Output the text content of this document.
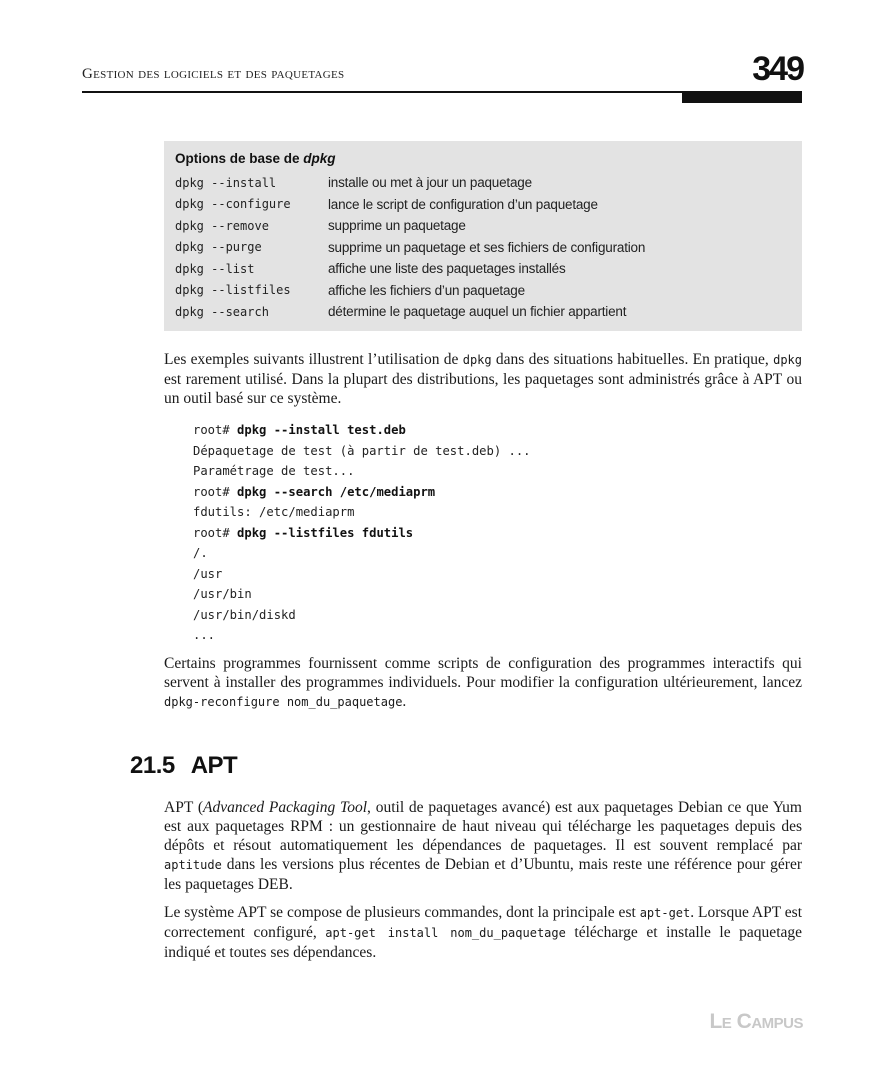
Gestion des logiciels et des paquetages	349
Options de base de dpkg
dpkg --install	installe ou met à jour un paquetage
dpkg --configure	lance le script de configuration d’un paquetage
dpkg --remove	supprime un paquetage
dpkg --purge	supprime un paquetage et ses fichiers de configuration
dpkg --list	affiche une liste des paquetages installés
dpkg --listfiles	affiche les fichiers d’un paquetage
dpkg --search	détermine le paquetage auquel un fichier appartient

Les exemples suivants illustrent l’utilisation de dpkg dans des situations habituelles. En pratique, dpkg est rarement utilisé. Dans la plupart des distributions, les paquetages sont administrés grâce à APT ou un outil basé sur ce système.

root# dpkg --install test.deb
Dépaquetage de test (à partir de test.deb) ...
Paramétrage de test...
root# dpkg --search /etc/mediaprm
fdutils: /etc/mediaprm
root# dpkg --listfiles fdutils
/.
/usr
/usr/bin
/usr/bin/diskd
...

Certains programmes fournissent comme scripts de configuration des programmes interactifs qui servent à installer des programmes individuels. Pour modifier la configuration ultérieurement, lancez dpkg-reconfigure nom_du_paquetage.

21.5 APT

APT (Advanced Packaging Tool, outil de paquetages avancé) est aux paquetages Debian ce que Yum est aux paquetages RPM : un gestionnaire de haut niveau qui télécharge les paquetages depuis des dépôts et résout automatiquement les dépendances de paquetages. Il est souvent remplacé par aptitude dans les versions plus récentes de Debian et d’Ubuntu, mais reste une référence pour gérer les paquetages DEB.

Le système APT se compose de plusieurs commandes, dont la principale est apt-get. Lorsque APT est correctement configuré, apt-get install nom_du_paquetage télécharge et installe le paquetage indiqué et toutes ses dépendances.

Le Campus
